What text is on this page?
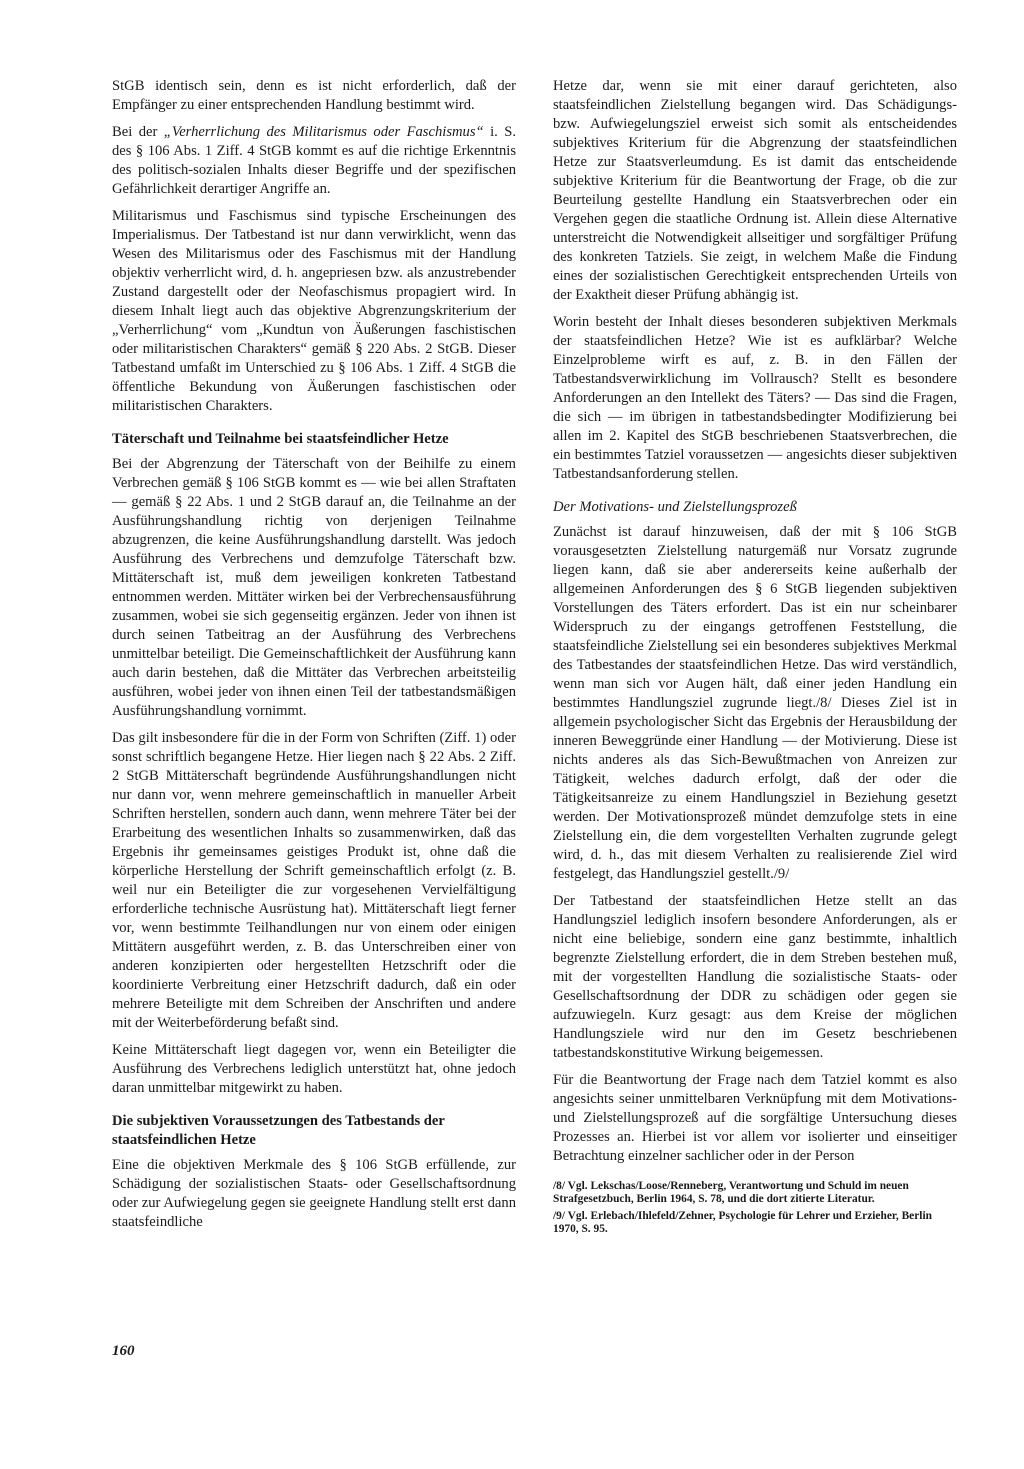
StGB identisch sein, denn es ist nicht erforderlich, daß der Empfänger zu einer entsprechenden Handlung bestimmt wird.

Bei der „Verherrlichung des Militarismus oder Faschismus“ i. S. des § 106 Abs. 1 Ziff. 4 StGB kommt es auf die richtige Erkenntnis des politisch-sozialen Inhalts dieser Begriffe und der spezifischen Gefährlichkeit derartiger Angriffe an.

Militarismus und Faschismus sind typische Erscheinungen des Imperialismus. Der Tatbestand ist nur dann verwirklicht, wenn das Wesen des Militarismus oder des Faschismus mit der Handlung objektiv verherrlicht wird, d. h. angepriesen bzw. als anzustrebender Zustand dargestellt oder der Neofaschismus propagiert wird. In diesem Inhalt liegt auch das objektive Abgrenzungskriterium der „Verherrlichung“ vom „Kundtun von Äußerungen faschistischen oder militaristischen Charakters“ gemäß § 220 Abs. 2 StGB. Dieser Tatbestand umfaßt im Unterschied zu § 106 Abs. 1 Ziff. 4 StGB die öffentliche Bekundung von Äußerungen faschistischen oder militaristischen Charakters.

Täterschaft und Teilnahme bei staatsfeindlicher Hetze

Bei der Abgrenzung der Täterschaft von der Beihilfe zu einem Verbrechen gemäß § 106 StGB kommt es — wie bei allen Straftaten — gemäß § 22 Abs. 1 und 2 StGB darauf an, die Teilnahme an der Ausführungshandlung richtig von derjenigen Teilnahme abzugrenzen, die keine Ausführungshandlung darstellt. Was jedoch Ausführung des Verbrechens und demzufolge Täterschaft bzw. Mittäterschaft ist, muß dem jeweiligen konkreten Tatbestand entnommen werden. Mittäter wirken bei der Verbrechensausführung zusammen, wobei sie sich gegenseitig ergänzen. Jeder von ihnen ist durch seinen Tatbeitrag an der Ausführung des Verbrechens unmittelbar beteiligt. Die Gemeinschaftlichkeit der Ausführung kann auch darin bestehen, daß die Mittäter das Verbrechen arbeitsteilig ausführen, wobei jeder von ihnen einen Teil der tatbestandsmäßigen Ausführungshandlung vornimmt.

Das gilt insbesondere für die in der Form von Schriften (Ziff. 1) oder sonst schriftlich begangene Hetze. Hier liegen nach § 22 Abs. 2 Ziff. 2 StGB Mittäterschaft begründende Ausführungshandlungen nicht nur dann vor, wenn mehrere gemeinschaftlich in manueller Arbeit Schriften herstellen, sondern auch dann, wenn mehrere Täter bei der Erarbeitung des wesentlichen Inhalts so zusammenwirken, daß das Ergebnis ihr gemeinsames geistiges Produkt ist, ohne daß die körperliche Herstellung der Schrift gemeinschaftlich erfolgt (z. B. weil nur ein Beteiligter die zur vorgesehenen Vervielfältigung erforderliche technische Ausrüstung hat). Mittäterschaft liegt ferner vor, wenn bestimmte Teilhandlungen nur von einem oder einigen Mittätern ausgeführt werden, z. B. das Unterschreiben einer von anderen konzipierten oder hergestellten Hetzschrift oder die koordinierte Verbreitung einer Hetzschrift dadurch, daß ein oder mehrere Beteiligte mit dem Schreiben der Anschriften und andere mit der Weiterbeförderung befaßt sind.

Keine Mittäterschaft liegt dagegen vor, wenn ein Beteiligter die Ausführung des Verbrechens lediglich unterstützt hat, ohne jedoch daran unmittelbar mitgewirkt zu haben.

Die subjektiven Voraussetzungen des Tatbestands der staatsfeindlichen Hetze

Eine die objektiven Merkmale des § 106 StGB erfüllende, zur Schädigung der sozialistischen Staats- oder Gesellschaftsordnung oder zur Aufwiegelung gegen sie geeignete Handlung stellt erst dann staatsfeindliche

Hetze dar, wenn sie mit einer darauf gerichteten, also staatsfeindlichen Zielstellung begangen wird. Das Schädigungs- bzw. Aufwiegelungsziel erweist sich somit als entscheidendes subjektives Kriterium für die Abgrenzung der staatsfeindlichen Hetze zur Staatsverleumdung. Es ist damit das entscheidende subjektive Kriterium für die Beantwortung der Frage, ob die zur Beurteilung gestellte Handlung ein Staatsverbrechen oder ein Vergehen gegen die staatliche Ordnung ist. Allein diese Alternative unterstreicht die Notwendigkeit allseitiger und sorgfältiger Prüfung des konkreten Tatziels. Sie zeigt, in welchem Maße die Findung eines der sozialistischen Gerechtigkeit entsprechenden Urteils von der Exaktheit dieser Prüfung abhängig ist.

Worin besteht der Inhalt dieses besonderen subjektiven Merkmals der staatsfeindlichen Hetze? Wie ist es aufklärbar? Welche Einzelprobleme wirft es auf, z. B. in den Fällen der Tatbestandsverwirklichung im Vollrausch? Stellt es besondere Anforderungen an den Intellekt des Täters? — Das sind die Fragen, die sich — im übrigen in tatbestandsbedingter Modifizierung bei allen im 2. Kapitel des StGB beschriebenen Staatsverbrechen, die ein bestimmtes Tatziel voraussetzen — angesichts dieser subjektiven Tatbestandsanforderung stellen.

Der Motivations- und Zielstellungsprozeß

Zunächst ist darauf hinzuweisen, daß der mit § 106 StGB vorausgesetzten Zielstellung naturgemäß nur Vorsatz zugrunde liegen kann, daß sie aber andererseits keine außerhalb der allgemeinen Anforderungen des § 6 StGB liegenden subjektiven Vorstellungen des Täters erfordert. Das ist ein nur scheinbarer Widerspruch zu der eingangs getroffenen Feststellung, die staatsfeindliche Zielstellung sei ein besonderes subjektives Merkmal des Tatbestandes der staatsfeindlichen Hetze. Das wird verständlich, wenn man sich vor Augen hält, daß einer jeden Handlung ein bestimmtes Handlungsziel zugrunde liegt./8/ Dieses Ziel ist in allgemein psychologischer Sicht das Ergebnis der Herausbildung der inneren Beweggründe einer Handlung — der Motivierung. Diese ist nichts anderes als das Sich-Bewußtmachen von Anreizen zur Tätigkeit, welches dadurch erfolgt, daß der oder die Tätigkeitsanreize zu einem Handlungsziel in Beziehung gesetzt werden. Der Motivationsprozeß mündet demzufolge stets in eine Zielstellung ein, die dem vorgestellten Verhalten zugrunde gelegt wird, d. h., das mit diesem Verhalten zu realisierende Ziel wird festgelegt, das Handlungsziel gestellt./9/

Der Tatbestand der staatsfeindlichen Hetze stellt an das Handlungsziel lediglich insofern besondere Anforderungen, als er nicht eine beliebige, sondern eine ganz bestimmte, inhaltlich begrenzte Zielstellung erfordert, die in dem Streben bestehen muß, mit der vorgestellten Handlung die sozialistische Staats- oder Gesellschaftsordnung der DDR zu schädigen oder gegen sie aufzuwiegeln. Kurz gesagt: aus dem Kreise der möglichen Handlungsziele wird nur den im Gesetz beschriebenen tatbestandskonstitutive Wirkung beigemessen.

Für die Beantwortung der Frage nach dem Tatziel kommt es also angesichts seiner unmittelbaren Verknüpfung mit dem Motivations- und Zielstellungsprozeß auf die sorgfältige Untersuchung dieses Prozesses an. Hierbei ist vor allem vor isolierter und einseitiger Betrachtung einzelner sachlicher oder in der Person

/8/ Vgl. Lekschas/Loose/Renneberg, Verantwortung und Schuld im neuen Strafgesetzbuch, Berlin 1964, S. 78, und die dort zitierte Literatur.

/9/ Vgl. Erlebach/Ihlefeld/Zehner, Psychologie für Lehrer und Erzieher, Berlin 1970, S. 95.

160
